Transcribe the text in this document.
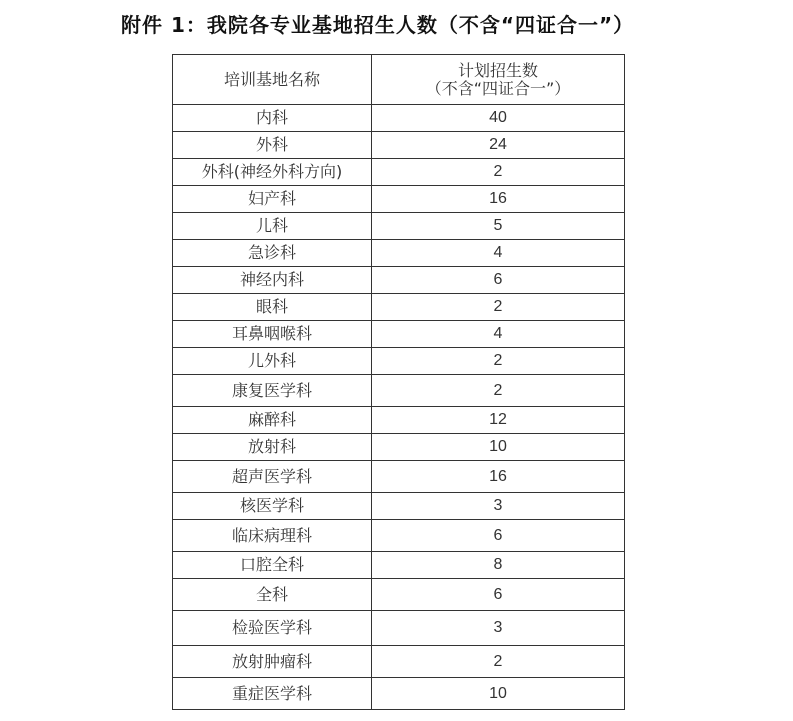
附件 1：我院各专业基地招生人数（不含“四证合一”）
培训基地名称	计划招生数
（不含“四证合一”）

内科	40
外科	24
外科(神经外科方向)	2
妇产科	16
儿科	5
急诊科	4
神经内科	6
眼科	2
耳鼻咽喉科	4
儿外科	2
康复医学科	2
麻醉科	12
放射科	10
超声医学科	16
核医学科	3
临床病理科	6
口腔全科	8
全科	6
检验医学科	3
放射肿瘤科	2
重症医学科	10
